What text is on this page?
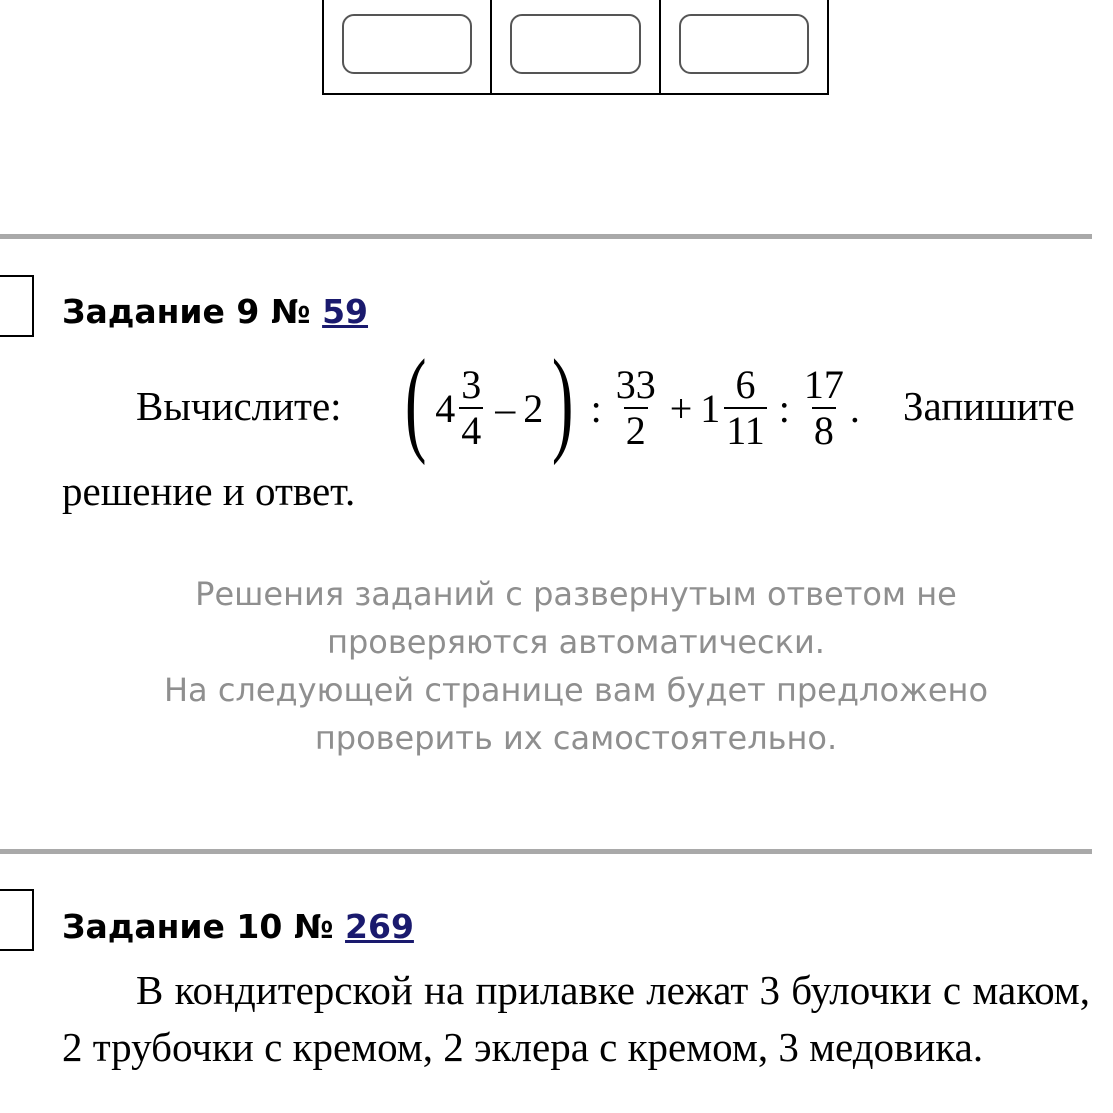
Задание 9 № 59
Вычислите: ( $4 \frac{3}{4} - 2$ ) : $\frac{33}{2} + 1 \frac{6}{11}$ : $\frac{17}{8}$ . Запишите
решение и ответ.
Решения заданий с развернутым ответом не
проверяются автоматически.
На следующей странице вам будет предложено
проверить их самостоятельно.
Задание 10 № 269
В кондитерской на прилавке лежат 3 булочки с маком, 2 трубочки с кремом, 2 эклера с кремом, 3 медовика.
